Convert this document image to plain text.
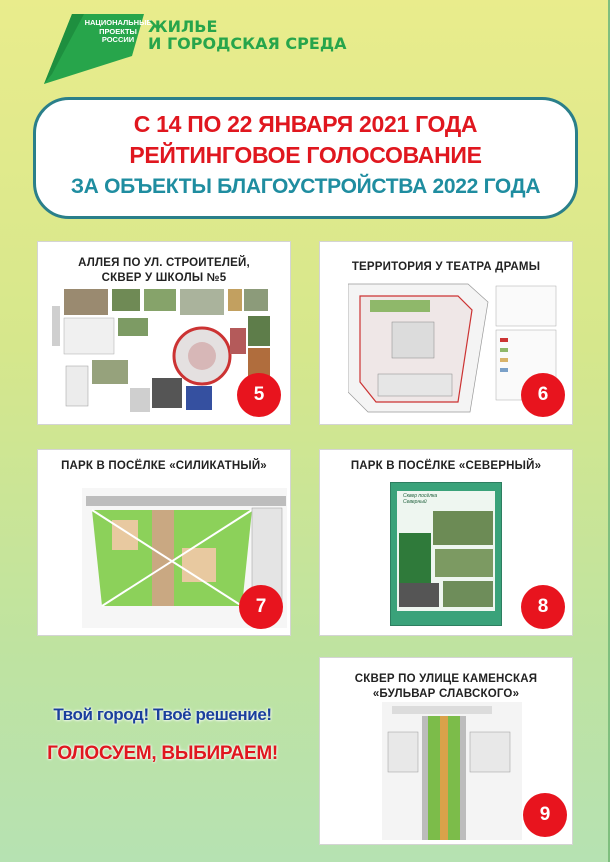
НАЦИОНАЛЬНЫЕ
ПРОЕКТЫ
РОССИИ
ЖИЛЬЕ
И ГОРОДСКАЯ СРЕДА
С 14 ПО 22 ЯНВАРЯ 2021 ГОДА
РЕЙТИНГОВОЕ ГОЛОСОВАНИЕ
ЗА ОБЪЕКТЫ БЛАГОУСТРОЙСТВА 2022 ГОДА
АЛЛЕЯ ПО УЛ. СТРОИТЕЛЕЙ,
СКВЕР У ШКОЛЫ №5
5
ТЕРРИТОРИЯ У ТЕАТРА ДРАМЫ
6
ПАРК В ПОСЁЛКЕ «СИЛИКАТНЫЙ»
7
ПАРК В ПОСЁЛКЕ «СЕВЕРНЫЙ»
Сквер посёлка Северный
8
СКВЕР ПО УЛИЦЕ КАМЕНСКАЯ
«БУЛЬВАР СЛАВСКОГО»
9
Твой город! Твоё решение!
ГОЛОСУЕМ, ВЫБИРАЕМ!
